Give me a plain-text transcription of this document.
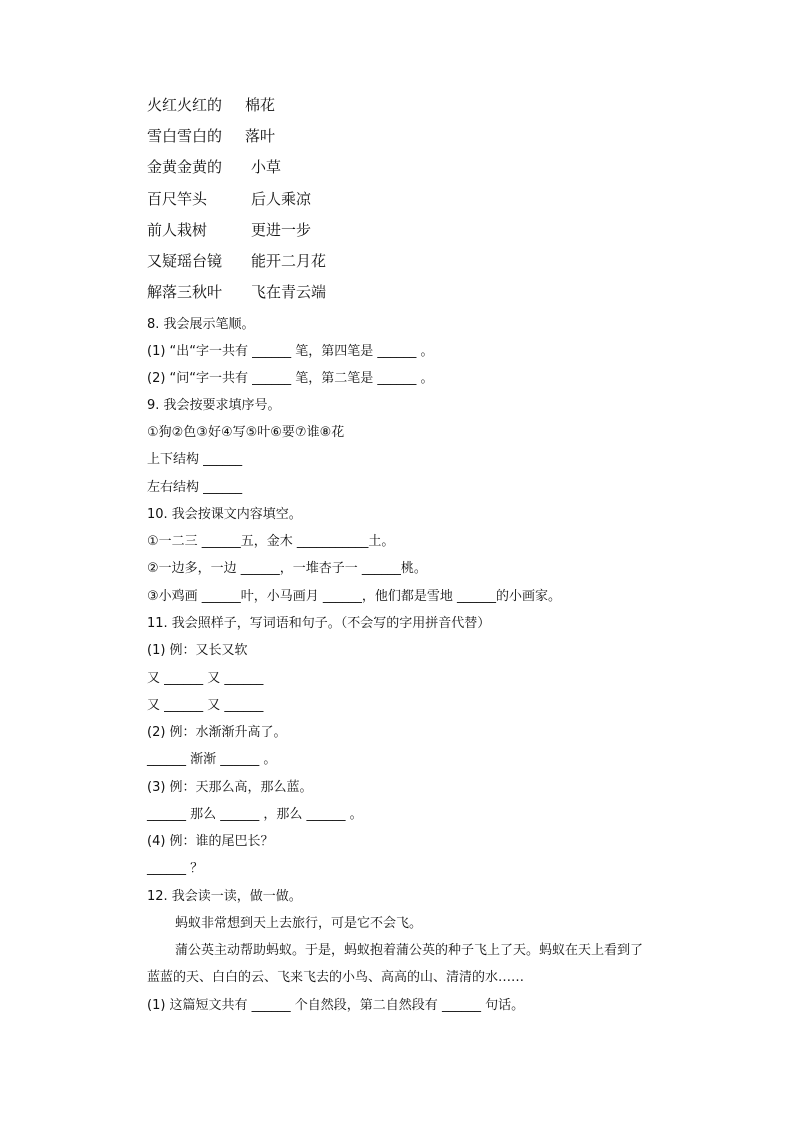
火红火红的 棉花
雪白雪白的 落叶
金黄金黄的 小草
百尺竿头	后人乘凉
前人栽树	更进一步
又疑瑶台镜 能开二月花
解落三秋叶 飞在青云端
8. 我会展示笔顺。
(1) “出“字一共有 ______ 笔，第四笔是 ______ 。
(2) “问“字一共有 ______ 笔，第二笔是 ______ 。
9. 我会按要求填序号。
①狗②色③好④写⑤叶⑥要⑦谁⑧花
上下结构 ______
左右结构 ______
10. 我会按课文内容填空。
①一二三 ______五，金木 ___________土。
②一边多，一边 ______，一堆杏子一 ______桃。
③小鸡画 ______叶，小马画月 ______，他们都是雪地 ______的小画家。
11. 我会照样子，写词语和句子。（不会写的字用拼音代替）
(1) 例：又长又软
又 ______ 又 ______
又 ______ 又 ______
(2) 例：水渐渐升高了。
______ 渐渐 ______ 。
(3) 例：天那么高，那么蓝。
______ 那么 ______ ，那么 ______ 。
(4) 例：谁的尾巴长？
______ ？
12. 我会读一读，做一做。
蚂蚁非常想到天上去旅行，可是它不会飞。
蒲公英主动帮助蚂蚁。于是，蚂蚁抱着蒲公英的种子飞上了天。蚂蚁在天上看到了
蓝蓝的天、白白的云、飞来飞去的小鸟、高高的山、清清的水……
(1) 这篇短文共有 ______ 个自然段，第二自然段有 ______ 句话。
